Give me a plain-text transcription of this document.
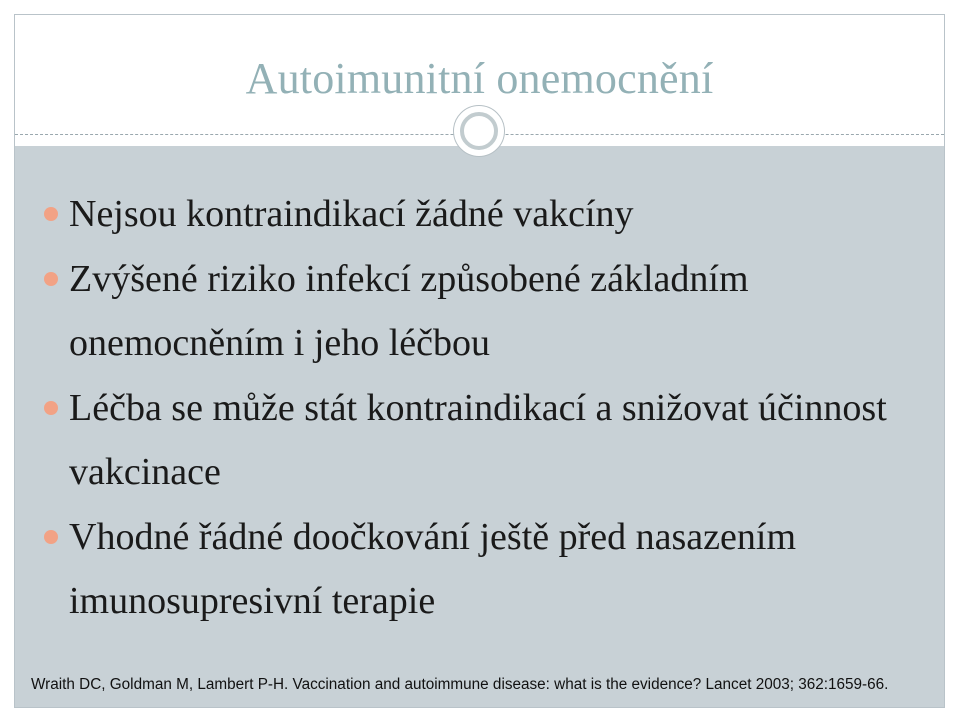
Autoimunitní onemocnění
Nejsou kontraindikací žádné vakcíny
Zvýšené riziko infekcí způsobené základním onemocněním i jeho léčbou
Léčba se může stát kontraindikací a snižovat účinnost vakcinace
Vhodné řádné doočkování ještě před nasazením imunosupresivní terapie
Wraith DC, Goldman M, Lambert P-H. Vaccination and autoimmune disease: what is the evidence? Lancet 2003; 362:1659-66.
